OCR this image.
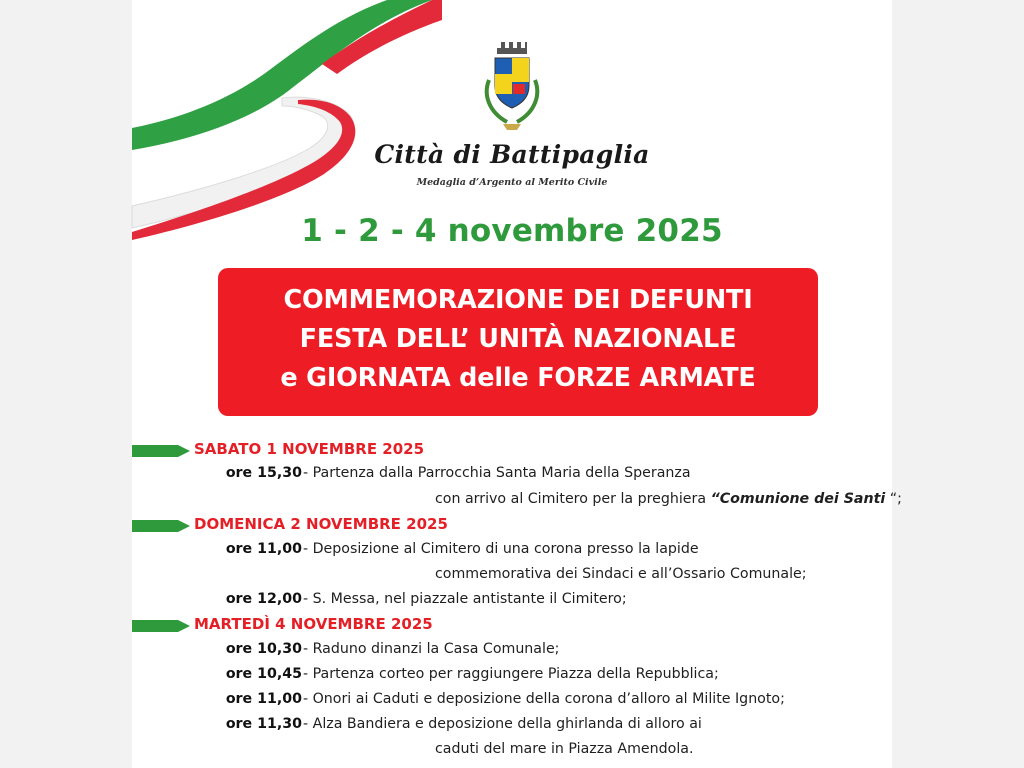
Città di Battipaglia
Medaglia d’Argento al Merito Civile
1 - 2 - 4 novembre 2025
COMMEMORAZIONE DEI DEFUNTI
FESTA DELL’ UNITÀ NAZIONALE
e GIORNATA delle FORZE ARMATE
SABATO 1 NOVEMBRE 2025
ore 15,30 - Partenza dalla Parrocchia Santa Maria della Speranza
con arrivo al Cimitero per la preghiera “Comunione dei Santi “;
DOMENICA 2 NOVEMBRE 2025
ore 11,00 - Deposizione al Cimitero di una corona presso la lapide
commemorativa dei Sindaci e all’Ossario Comunale;
ore 12,00 - S. Messa, nel piazzale antistante il Cimitero;
MARTEDÌ 4 NOVEMBRE 2025
ore 10,30 - Raduno dinanzi la Casa Comunale;
ore 10,45 - Partenza corteo per raggiungere Piazza della Repubblica;
ore 11,00 - Onori ai Caduti e deposizione della corona d’alloro al Milite Ignoto;
ore 11,30 - Alza Bandiera e deposizione della ghirlanda di alloro ai
caduti del mare in Piazza Amendola.
